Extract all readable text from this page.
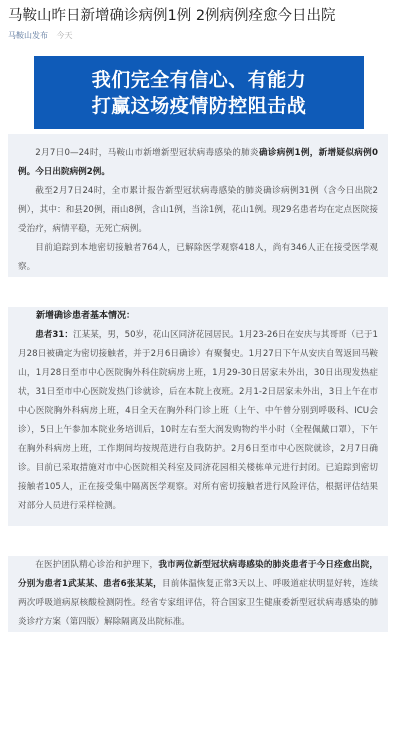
马鞍山昨日新增确诊病例1例 2例病例痊愈今日出院
马鞍山发布 今天
我们完全有信心、有能力
打赢这场疫情防控阻击战

2月7日0—24时，马鞍山市新增新型冠状病毒感染的肺炎确诊病例1例，新增疑似病例0例。今日出院病例2例。

截至2月7日24时，全市累计报告新型冠状病毒感染的肺炎确诊病例31例（含今日出院2例），其中：和县20例，雨山8例，含山1例，当涂1例，花山1例。现29名患者均在定点医院接受治疗，病情平稳，无死亡病例。

目前追踪到本地密切接触者764人，已解除医学观察418人，尚有346人正在接受医学观察。

新增确诊患者基本情况：

患者31：江某某，男，50岁，花山区同济花园居民。1月23-26日在安庆与其哥哥（已于1月28日被确定为密切接触者，并于2月6日确诊）有聚餐史。1月27日下午从安庆自驾返回马鞍山，1月28日至市中心医院胸外科住院病房上班，1月29-30日居家未外出，30日出现发热症状，31日至市中心医院发热门诊就诊，后在本院上夜班。2月1-2日居家未外出，3日上午在市中心医院胸外科病房上班，4日全天在胸外科门诊上班（上午、中午曾分别到呼吸科、ICU会诊），5日上午参加本院业务培训后，10时左右至大润发购物约半小时（全程佩戴口罩），下午在胸外科病房上班，工作期间均按规范进行自我防护。2月6日至市中心医院就诊，2月7日确诊。目前已采取措施对市中心医院相关科室及同济花园相关楼栋单元进行封闭。已追踪到密切接触者105人，正在接受集中隔离医学观察。对所有密切接触者进行风险评估，根据评估结果对部分人员进行采样检测。

在医护团队精心诊治和护理下，我市两位新型冠状病毒感染的肺炎患者于今日痊愈出院，分别为患者1武某某、患者6张某某，目前体温恢复正常3天以上、呼吸道症状明显好转，连续两次呼吸道病原核酸检测阴性。经省专家组评估，符合国家卫生健康委新型冠状病毒感染的肺炎诊疗方案（第四版）解除隔离及出院标准。
